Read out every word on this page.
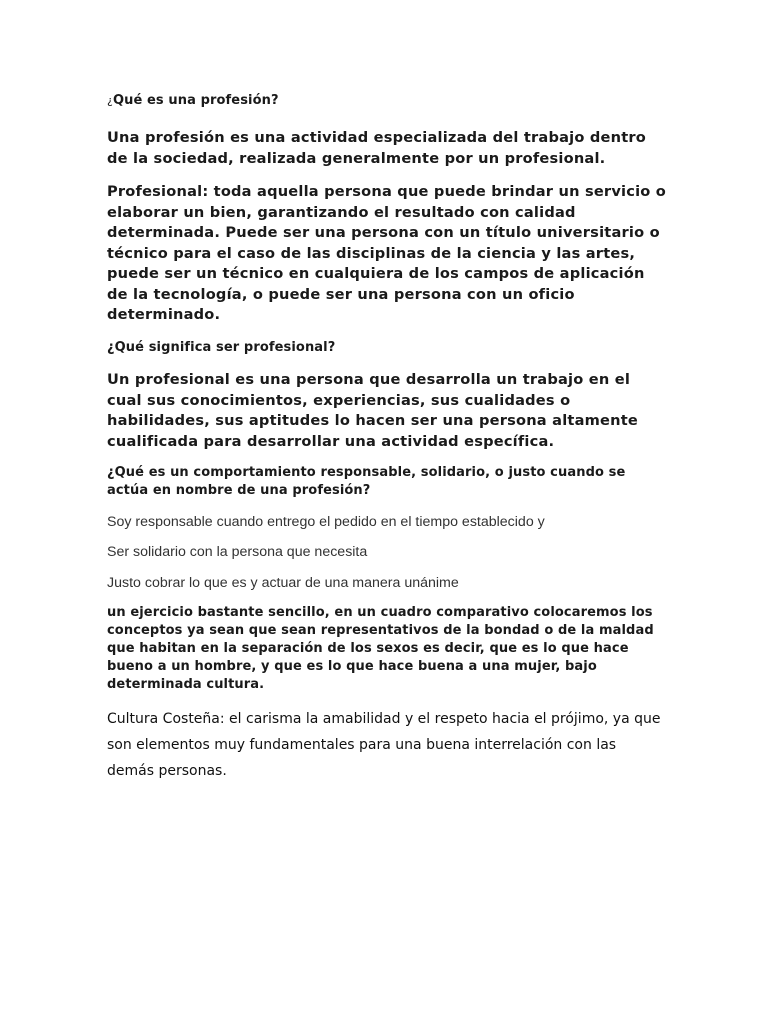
¿Qué es una profesión?

Una profesión es una actividad especializada del trabajo dentro de la sociedad, realizada generalmente por un profesional.

Profesional: toda aquella persona que puede brindar un servicio o elaborar un bien, garantizando el resultado con calidad determinada. Puede ser una persona con un título universitario o técnico para el caso de las disciplinas de la ciencia y las artes, puede ser un técnico en cualquiera de los campos de aplicación de la tecnología, o puede ser una persona con un oficio determinado.

¿Qué significa ser profesional?

Un profesional es una persona que desarrolla un trabajo en el cual sus conocimientos, experiencias, sus cualidades o habilidades, sus aptitudes lo hacen ser una persona altamente cualificada para desarrollar una actividad específica.

¿Qué es un comportamiento responsable, solidario, o justo cuando se actúa en nombre de una profesión?

Soy responsable cuando entrego el pedido en el tiempo establecido y

Ser solidario con la persona que necesita

Justo cobrar lo que es y actuar de una manera unánime

un ejercicio bastante sencillo, en un cuadro comparativo colocaremos los conceptos ya sean que sean representativos de la bondad o de la maldad que habitan en la separación de los sexos es decir, que es lo que hace bueno a un hombre, y que es lo que hace buena a una mujer, bajo determinada cultura.

Cultura Costeña: el carisma la amabilidad y el respeto hacia el prójimo, ya que son elementos muy fundamentales para una buena interrelación con las demás personas.
